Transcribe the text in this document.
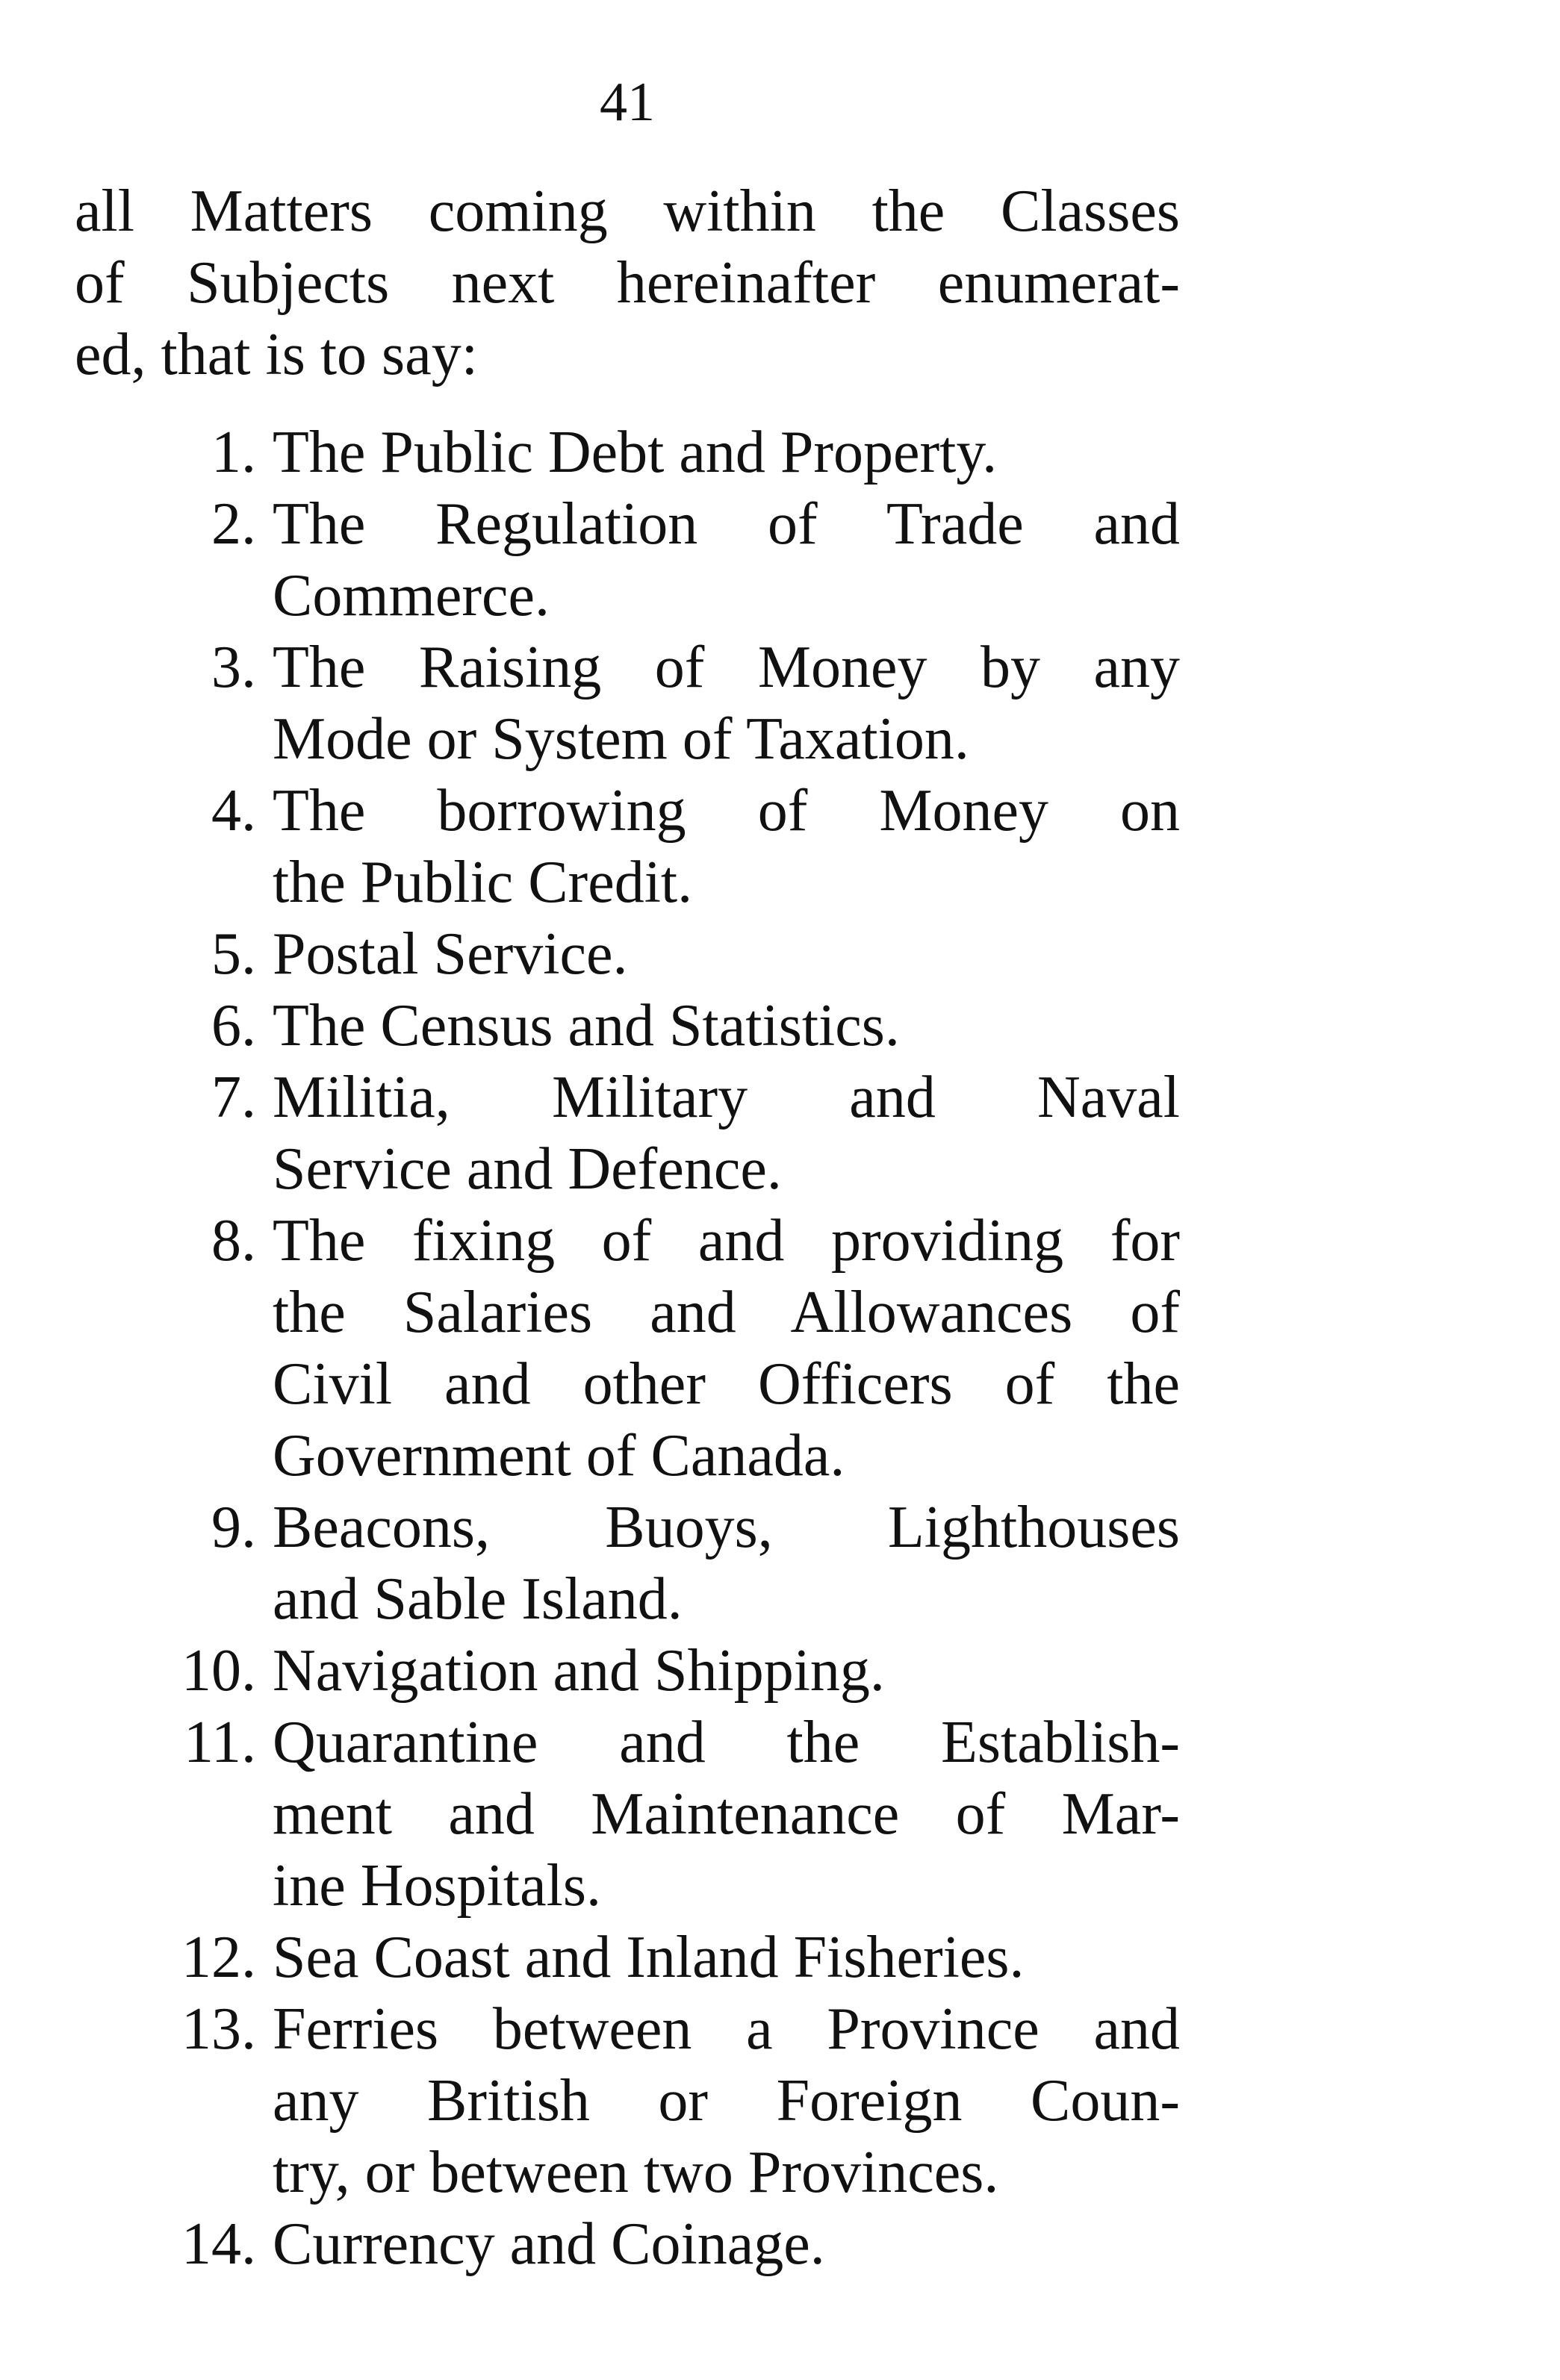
41
all Matters coming within the Classes
of Subjects next hereinafter enumerat-
ed, that is to say:
1. The Public Debt and Property.
2. The Regulation of Trade and
Commerce.
3. The Raising of Money by any
Mode or System of Taxation.
4. The borrowing of Money on
the Public Credit.
5. Postal Service.
6. The Census and Statistics.
7. Militia, Military and Naval
Service and Defence.
8. The fixing of and providing for
the Salaries and Allowances of
Civil and other Officers of the
Government of Canada.
9. Beacons, Buoys, Lighthouses
and Sable Island.
10. Navigation and Shipping.
11. Quarantine and the Establish-
ment and Maintenance of Mar-
ine Hospitals.
12. Sea Coast and Inland Fisheries.
13. Ferries between a Province and
any British or Foreign Coun-
try, or between two Provinces.
14. Currency and Coinage.
